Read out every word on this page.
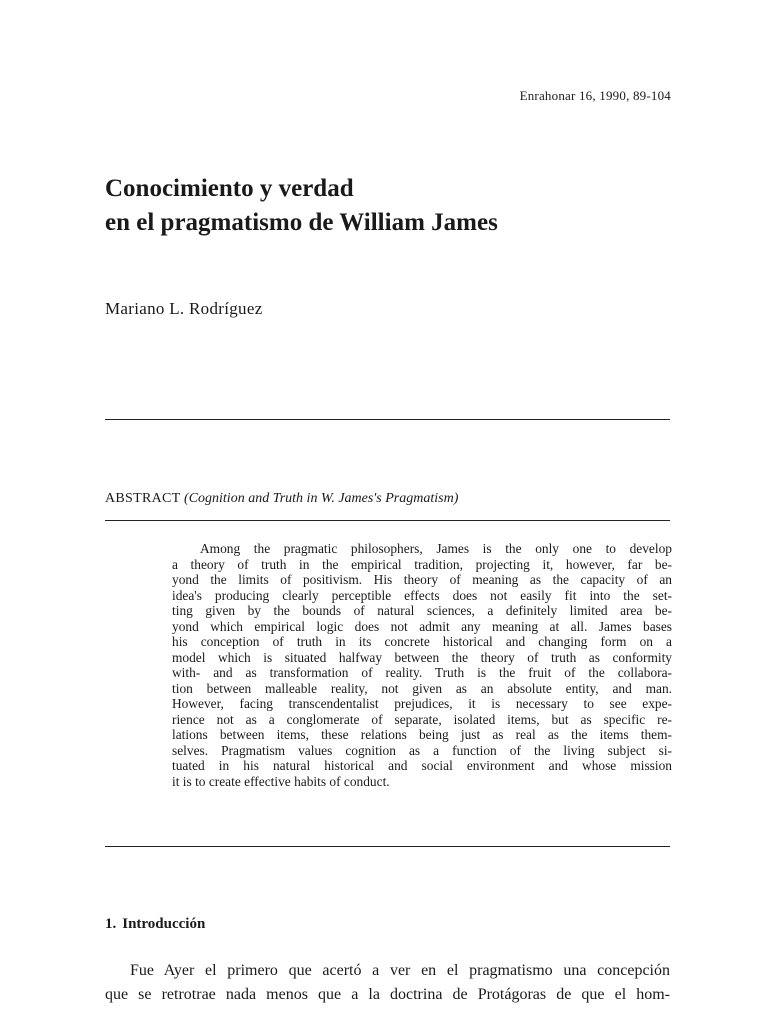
Enrahonar 16, 1990, 89-104
Conocimiento y verdad
en el pragmatismo de William James
Mariano L. Rodríguez
ABSTRACT (Cognition and Truth in W. James's Pragmatism)
Among the pragmatic philosophers, James is the only one to develop
a theory of truth in the empirical tradition, projecting it, however, far be-
yond the limits of positivism. His theory of meaning as the capacity of an
idea's producing clearly perceptible effects does not easily fit into the set-
ting given by the bounds of natural sciences, a definitely limited area be-
yond which empirical logic does not admit any meaning at all. James bases
his conception of truth in its concrete historical and changing form on a
model which is situated halfway between the theory of truth as conformity
with- and as transformation of reality. Truth is the fruit of the collabora-
tion between malleable reality, not given as an absolute entity, and man.
However, facing transcendentalist prejudices, it is necessary to see expe-
rience not as a conglomerate of separate, isolated items, but as specific re-
lations between items, these relations being just as real as the items them-
selves. Pragmatism values cognition as a function of the living subject si-
tuated in his natural historical and social environment and whose mission
it is to create effective habits of conduct.
1. Introducción
Fue Ayer el primero que acertó a ver en el pragmatismo una concepción
que se retrotrae nada menos que a la doctrina de Protágoras de que el hom-
